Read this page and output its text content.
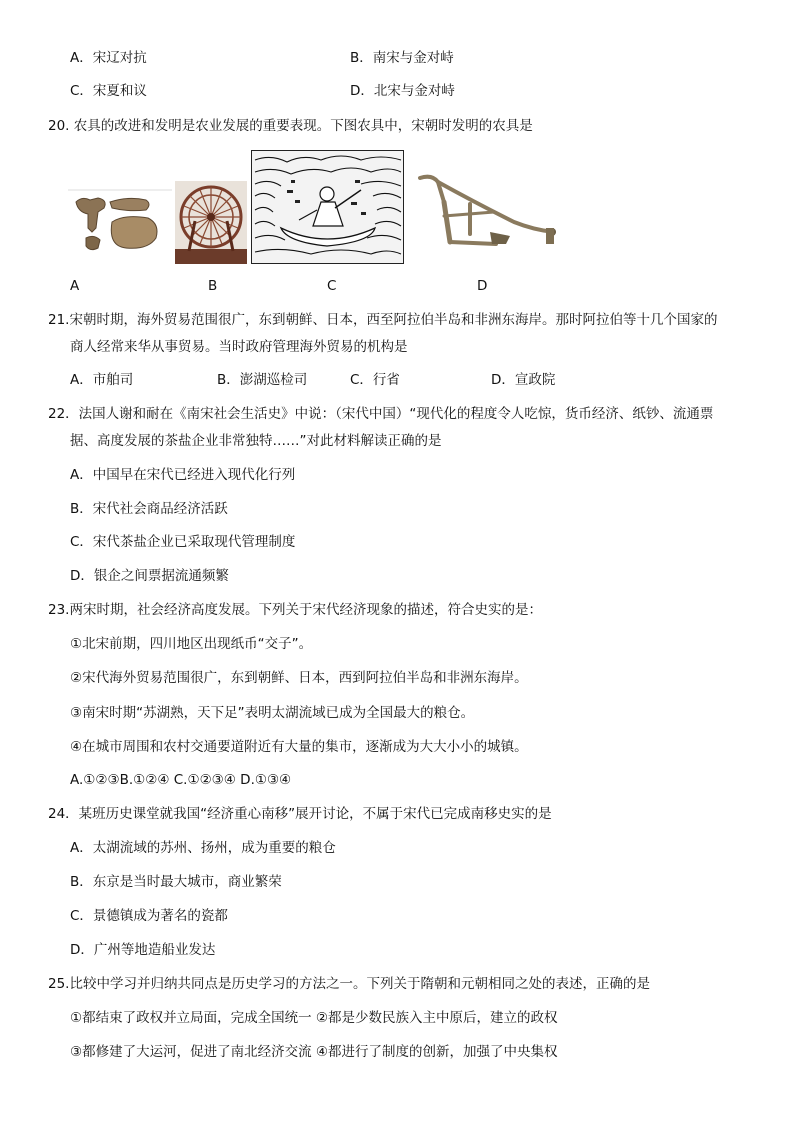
A．宋辽对抗	B．南宋与金对峙
C．宋夏和议	D．北宋与金对峙
20. 农具的改进和发明是农业发展的重要表现。下图农具中，宋朝时发明的农具是
A	B	C	D
21.宋朝时期，海外贸易范围很广，东到朝鲜、日本，西至阿拉伯半岛和非洲东海岸。那时阿拉伯等十几个国家的
商人经常来华从事贸易。当时政府管理海外贸易的机构是
A．市舶司	B．澎湖巡检司	C．行省	D．宣政院
22．法国人谢和耐在《南宋社会生活史》中说：（宋代中国）“现代化的程度令人吃惊，货币经济、纸钞、流通票
据、高度发展的茶盐企业非常独特……”对此材料解读正确的是
A．中国早在宋代已经进入现代化行列
B．宋代社会商品经济活跃
C．宋代茶盐企业已采取现代管理制度
D．银企之间票据流通频繁
23.两宋时期，社会经济高度发展。下列关于宋代经济现象的描述，符合史实的是：
①北宋前期，四川地区出现纸币“交子”。
②宋代海外贸易范围很广，东到朝鲜、日本，西到阿拉伯半岛和非洲东海岸。
③南宋时期“苏湖熟，天下足”表明太湖流域已成为全国最大的粮仓。
④在城市周围和农村交通要道附近有大量的集市，逐渐成为大大小小的城镇。
A.①②③B.①②④ C.①②③④ D.①③④
24．某班历史课堂就我国“经济重心南移”展开讨论，不属于宋代已完成南移史实的是
A．太湖流域的苏州、扬州，成为重要的粮仓
B．东京是当时最大城市，商业繁荣
C．景德镇成为著名的瓷都
D．广州等地造船业发达
25.比较中学习并归纳共同点是历史学习的方法之一。下列关于隋朝和元朝相同之处的表述，正确的是
①都结束了政权并立局面，完成全国统一 ②都是少数民族入主中原后，建立的政权
③都修建了大运河，促进了南北经济交流 ④都进行了制度的创新，加强了中央集权
